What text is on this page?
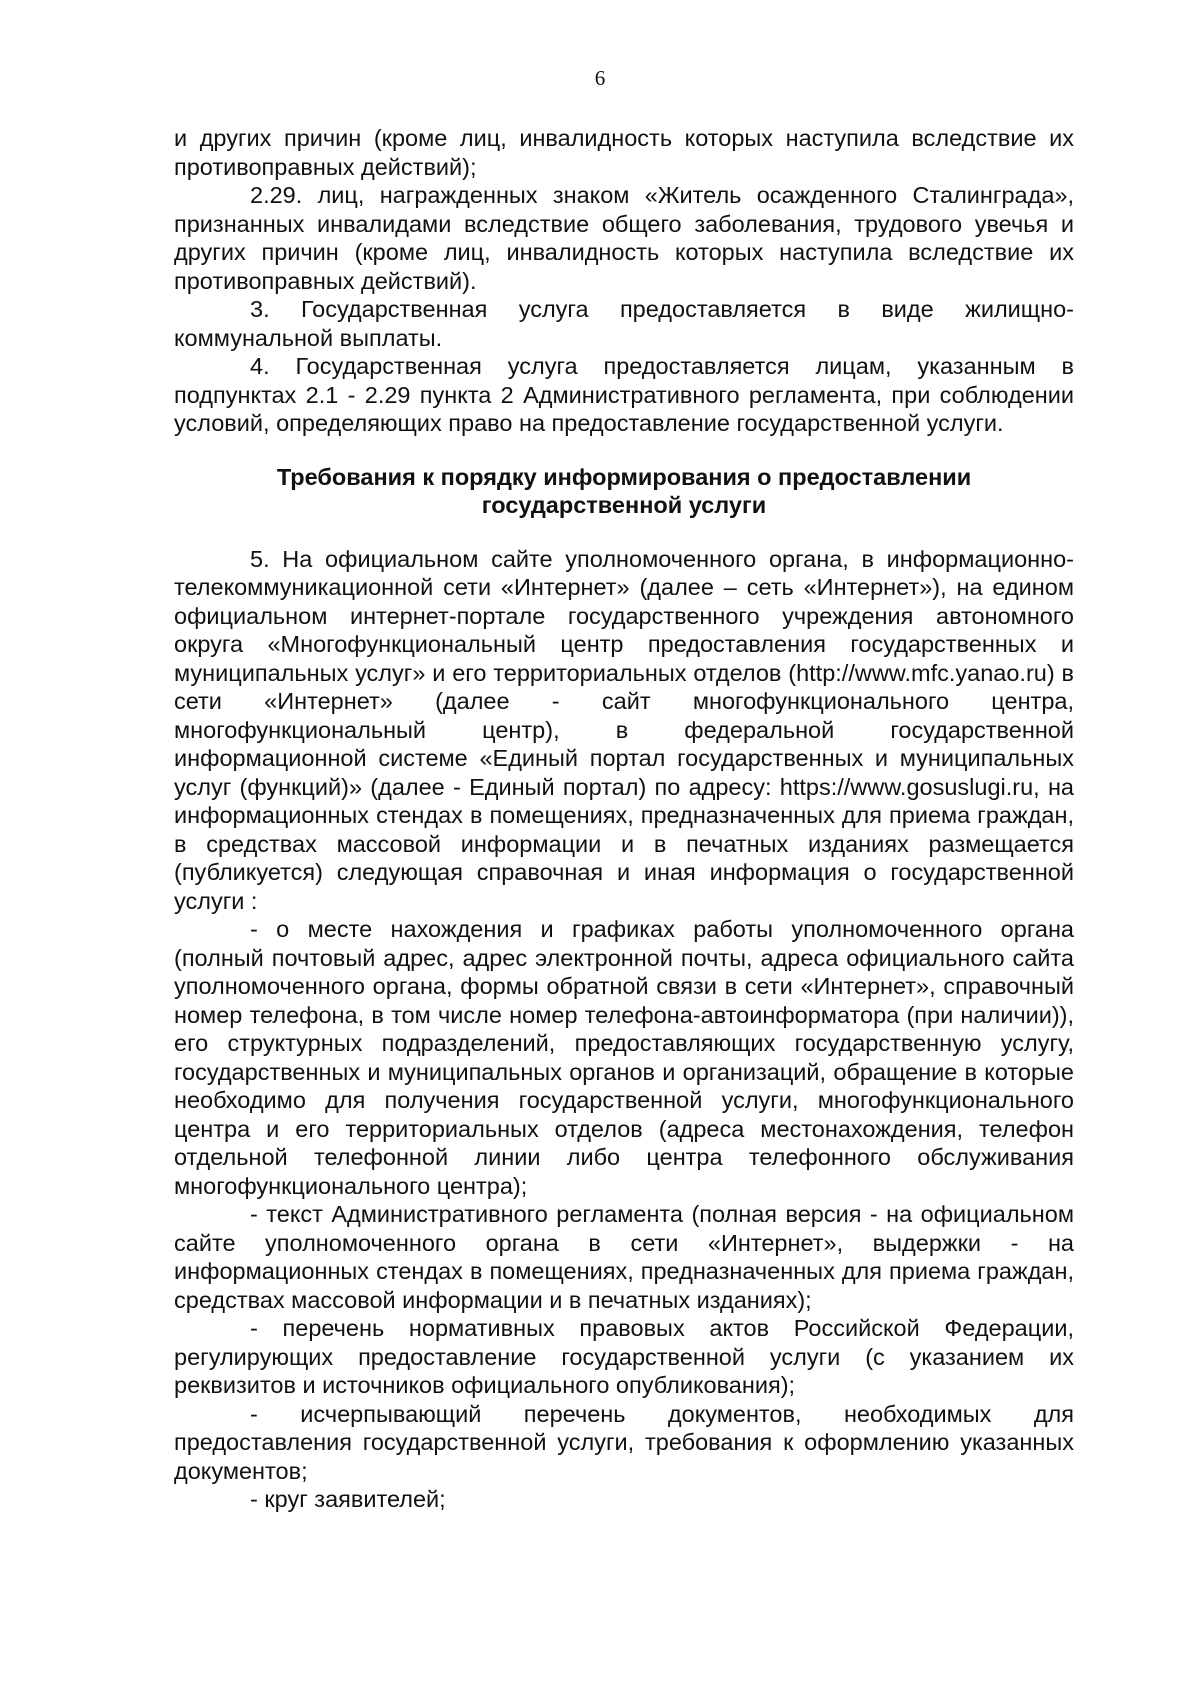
6

и других причин (кроме лиц, инвалидность которых наступила вследствие их противоправных действий);

2.29. лиц, награжденных знаком «Житель осажденного Сталинграда», признанных инвалидами вследствие общего заболевания, трудового увечья и других причин (кроме лиц, инвалидность которых наступила вследствие их противоправных действий).

3. Государственная услуга предоставляется в виде жилищно-коммунальной выплаты.

4. Государственная услуга предоставляется лицам, указанным в подпунктах 2.1 - 2.29 пункта 2 Административного регламента, при соблюдении условий, определяющих право на предоставление государственной услуги.

Требования к порядку информирования о предоставлении государственной услуги

5. На официальном сайте уполномоченного органа, в информационно-телекоммуникационной сети «Интернет» (далее – сеть «Интернет»), на едином официальном интернет-портале государственного учреждения автономного округа «Многофункциональный центр предоставления государственных и муниципальных услуг» и его территориальных отделов (http://www.mfc.yanao.ru) в сети «Интернет» (далее - сайт многофункционального центра, многофункциональный центр), в федеральной государственной информационной системе «Единый портал государственных и муниципальных услуг (функций)» (далее - Единый портал) по адресу: https://www.gosuslugi.ru, на информационных стендах в помещениях, предназначенных для приема граждан, в средствах массовой информации и в печатных изданиях размещается (публикуется) следующая справочная и иная информация о государственной услуги :

- о месте нахождения и графиках работы уполномоченного органа (полный почтовый адрес, адрес электронной почты, адреса официального сайта уполномоченного органа, формы обратной связи в сети «Интернет», справочный номер телефона, в том числе номер телефона-автоинформатора (при наличии)), его структурных подразделений, предоставляющих государственную услугу, государственных и муниципальных органов и организаций, обращение в которые необходимо для получения государственной услуги, многофункционального центра и его территориальных отделов (адреса местонахождения, телефон отдельной телефонной линии либо центра телефонного обслуживания многофункционального центра);

- текст Административного регламента (полная версия - на официальном сайте уполномоченного органа в сети «Интернет», выдержки - на информационных стендах в помещениях, предназначенных для приема граждан, средствах массовой информации и в печатных изданиях);

- перечень нормативных правовых актов Российской Федерации, регулирующих предоставление государственной услуги (с указанием их реквизитов и источников официального опубликования);

- исчерпывающий перечень документов, необходимых для предоставления государственной услуги, требования к оформлению указанных документов;

- круг заявителей;
